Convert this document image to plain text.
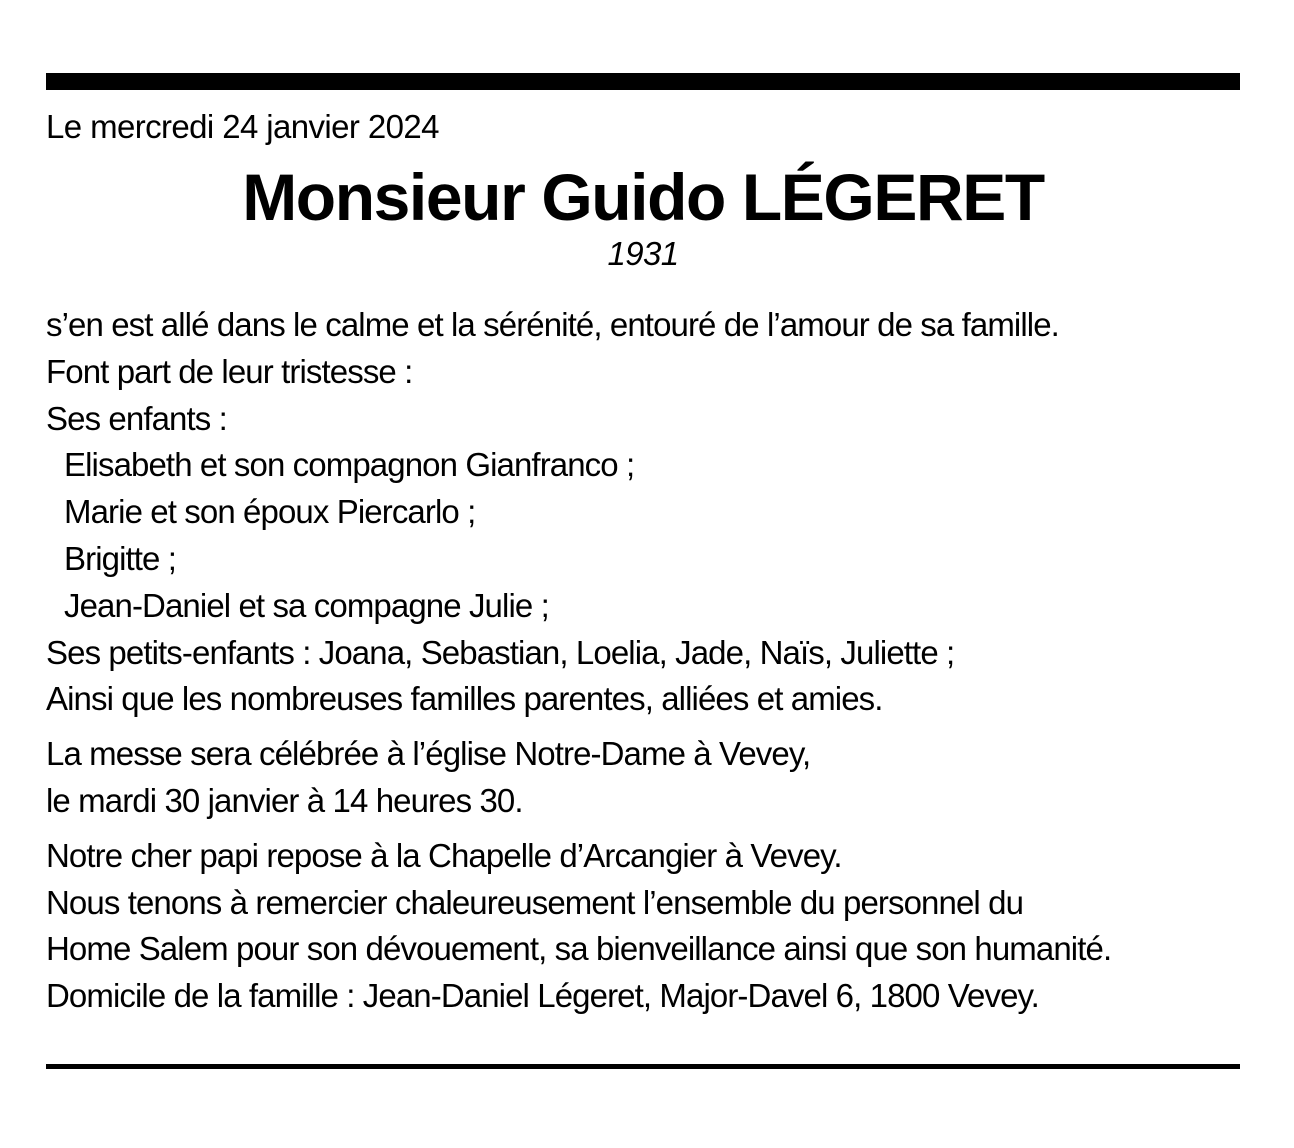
Le mercredi 24 janvier 2024
Monsieur Guido LÉGERET
1931
s’en est allé dans le calme et la sérénité, entouré de l’amour de sa famille.
Font part de leur tristesse :
Ses enfants :
Elisabeth et son compagnon Gianfranco ;
Marie et son époux Piercarlo ;
Brigitte ;
Jean-Daniel et sa compagne Julie ;
Ses petits-enfants : Joana, Sebastian, Loelia, Jade, Naïs, Juliette ;
Ainsi que les nombreuses familles parentes, alliées et amies.
La messe sera célébrée à l’église Notre-Dame à Vevey,
le mardi 30 janvier à 14 heures 30.
Notre cher papi repose à la Chapelle d’Arcangier à Vevey.
Nous tenons à remercier chaleureusement l’ensemble du personnel du
Home Salem pour son dévouement, sa bienveillance ainsi que son humanité.
Domicile de la famille : Jean-Daniel Légeret, Major-Davel 6, 1800 Vevey.
